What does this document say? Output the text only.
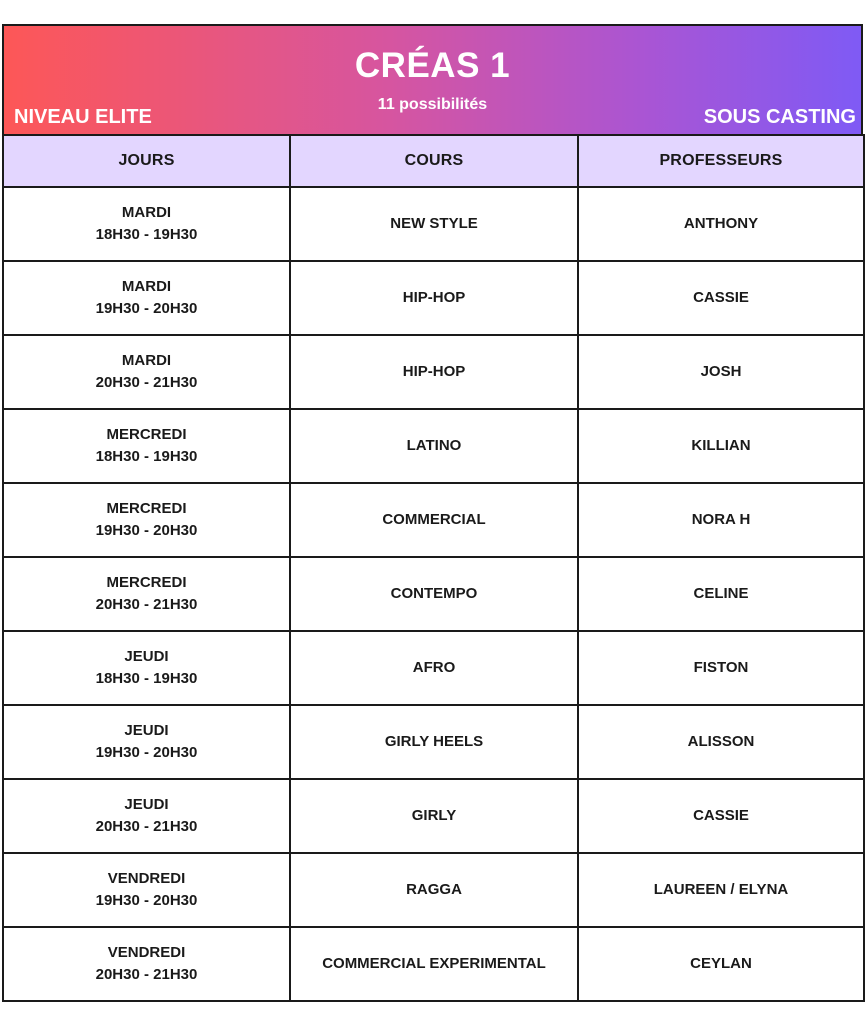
CRÉAS 1
11 possibilités
NIVEAU ELITE	SOUS CASTING
JOURS	COURS	PROFESSEURS

MARDI
18H30 - 19H30	NEW STYLE	ANTHONY

MARDI
19H30 - 20H30	HIP-HOP	CASSIE

MARDI
20H30 - 21H30	HIP-HOP	JOSH

MERCREDI
18H30 - 19H30	LATINO	KILLIAN

MERCREDI
19H30 - 20H30	COMMERCIAL	NORA H

MERCREDI
20H30 - 21H30	CONTEMPO	CELINE

JEUDI
18H30 - 19H30	AFRO	FISTON

JEUDI
19H30 - 20H30	GIRLY HEELS	ALISSON

JEUDI
20H30 - 21H30	GIRLY	CASSIE

VENDREDI
19H30 - 20H30	RAGGA	LAUREEN / ELYNA

VENDREDI
20H30 - 21H30	COMMERCIAL EXPERIMENTAL	CEYLAN
